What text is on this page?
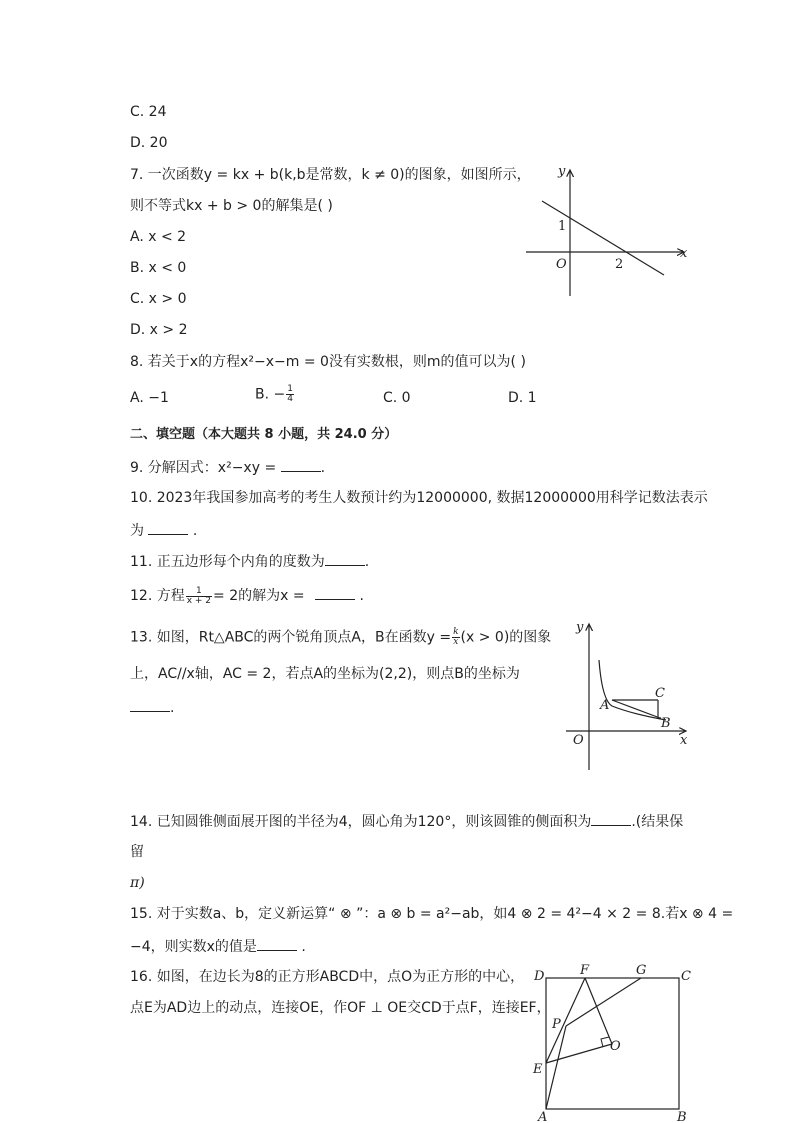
C. 24
D. 20
7. 一次函数y = kx + b(k,b是常数，k ≠ 0)的图象，如图所示，
则不等式kx + b > 0的解集是( )
A. x < 2
B. x < 0
C. x > 0
D. x > 2
y
x
O
1
2
8. 若关于x的方程x²−x−m = 0没有实数根，则m的值可以为( )
A. −1	B. − $\frac{1}{4}$	C. 0	D. 1
二、填空题（本大题共 8 小题，共 24.0 分）
9. 分解因式：x²−xy =	.
10. 2023年我国参加高考的考生人数预计约为12000000, 数据12000000用科学记数法表示
为	.
11. 正五边形每个内角的度数为	.
12. 方程 $\frac{1}{x + 2} = 2$的解为x =	.
13. 如图，Rt△ABC的两个锐角顶点A，B在函数$y = \frac{k}{x} (x > 0)$的图象
上，AC//x轴，AC = 2，若点A的坐标为(2,2)，则点B的坐标为
.
y
x
O
A
B
C
14. 已知圆锥侧面展开图的半径为4，圆心角为120°，则该圆锥的侧面积为	.(结果保
留
π)
15. 对于实数a、b，定义新运算“ ⊗ ”：a ⊗ b = a²−ab，如4 ⊗ 2 = 4²−4 × 2 = 8.若x ⊗ 4 =
−4，则实数x的值是	.
16. 如图，在边长为8的正方形ABCD中，点O为正方形的中心，
点E为AD边上的动点，连接OE，作OF ⊥ OE交CD于点F，连接EF，
D	F	G	C
P
O
E
A	B
